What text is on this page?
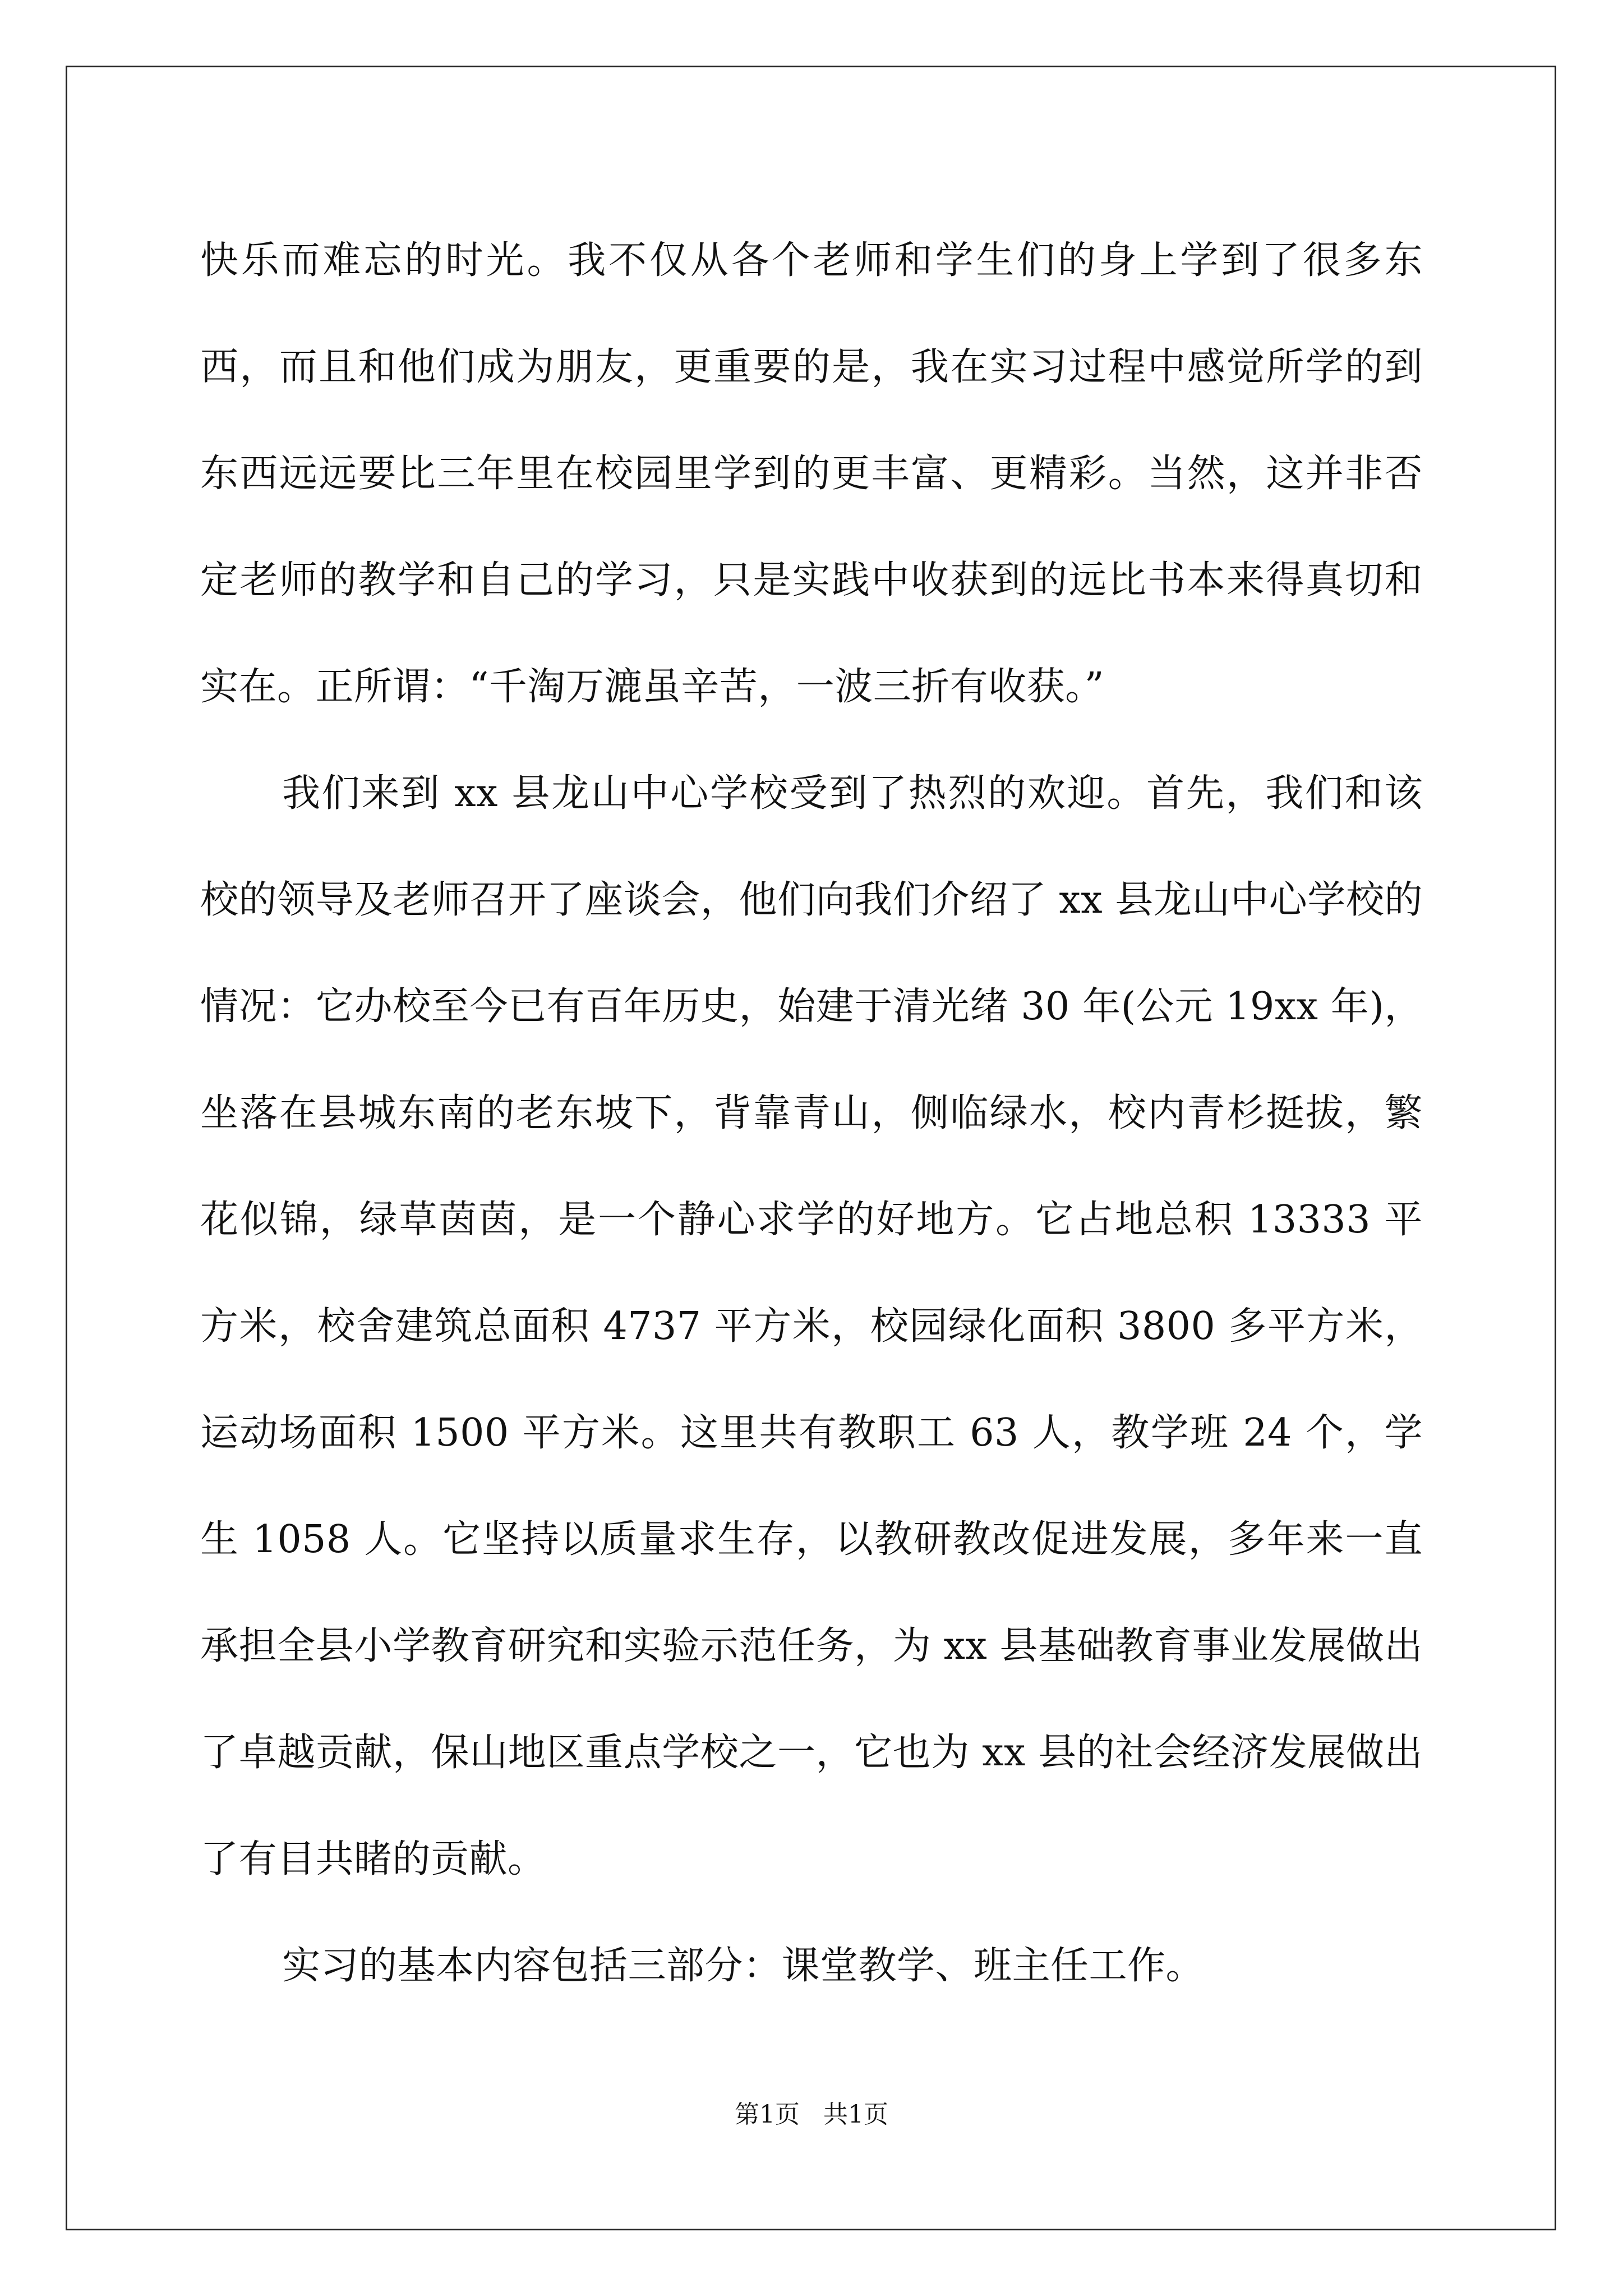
快乐而难忘的时光。我不仅从各个老师和学生们的身上学到了很多东西，而且和他们成为朋友，更重要的是，我在实习过程中感觉所学的到东西远远要比三年里在校园里学到的更丰富、更精彩。当然，这并非否定老师的教学和自己的学习，只是实践中收获到的远比书本来得真切和实在。正所谓：“千淘万漉虽辛苦，一波三折有收获。”

我们来到 xx 县龙山中心学校受到了热烈的欢迎。首先，我们和该校的领导及老师召开了座谈会，他们向我们介绍了 xx 县龙山中心学校的情况：它办校至今已有百年历史，始建于清光绪 30 年(公元 19xx 年)，坐落在县城东南的老东坡下，背靠青山，侧临绿水，校内青杉挺拔，繁花似锦，绿草茵茵，是一个静心求学的好地方。它占地总积 13333 平方米，校舍建筑总面积 4737 平方米，校园绿化面积 3800 多平方米，运动场面积 1500 平方米。这里共有教职工 63 人，教学班 24 个，学生 1058 人。它坚持以质量求生存，以教研教改促进发展，多年来一直承担全县小学教育研究和实验示范任务，为 xx 县基础教育事业发展做出了卓越贡献，保山地区重点学校之一，它也为 xx 县的社会经济发展做出了有目共睹的贡献。

实习的基本内容包括三部分：课堂教学、班主任工作。

第1页 共1页
